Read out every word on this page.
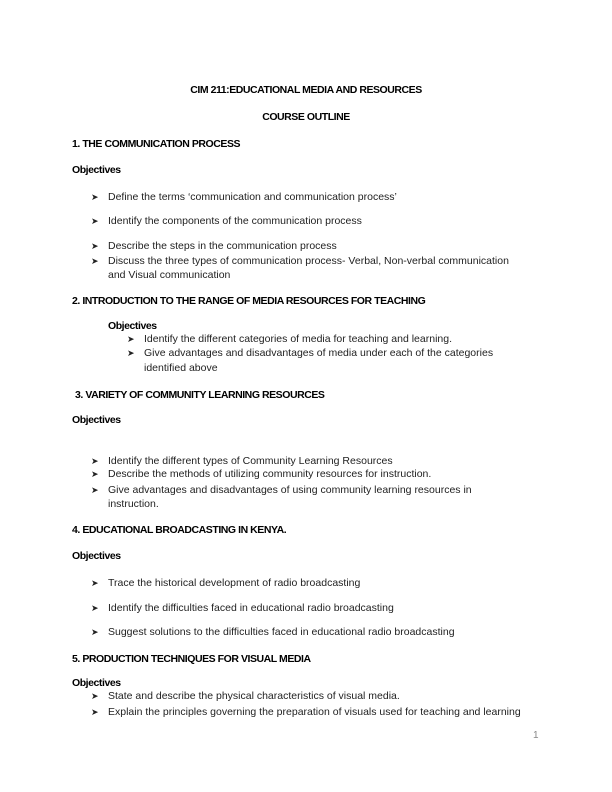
CIM 211:EDUCATIONAL MEDIA AND RESOURCES
COURSE OUTLINE
1. THE COMMUNICATION PROCESS
Objectives
➤ Define the terms ‘communication and communication process’
➤ Identify the components of the communication process
➤ Describe the steps in the communication process
➤ Discuss the three types of communication process- Verbal, Non-verbal communication
and Visual communication
2. INTRODUCTION TO THE RANGE OF MEDIA RESOURCES FOR TEACHING
Objectives
➤ Identify the different categories of media for teaching and learning.
➤ Give advantages and disadvantages of media under each of the categories
identified above
3. VARIETY OF COMMUNITY LEARNING RESOURCES
Objectives
➤ Identify the different types of Community Learning Resources
➤ Describe the methods of utilizing community resources for instruction.
➤ Give advantages and disadvantages of using community learning resources in
instruction.
4. EDUCATIONAL BROADCASTING IN KENYA.
Objectives
➤ Trace the historical development of radio broadcasting
➤ Identify the difficulties faced in educational radio broadcasting
➤ Suggest solutions to the difficulties faced in educational radio broadcasting
5. PRODUCTION TECHNIQUES FOR VISUAL MEDIA
Objectives
➤ State and describe the physical characteristics of visual media.
➤ Explain the principles governing the preparation of visuals used for teaching and learning
1
